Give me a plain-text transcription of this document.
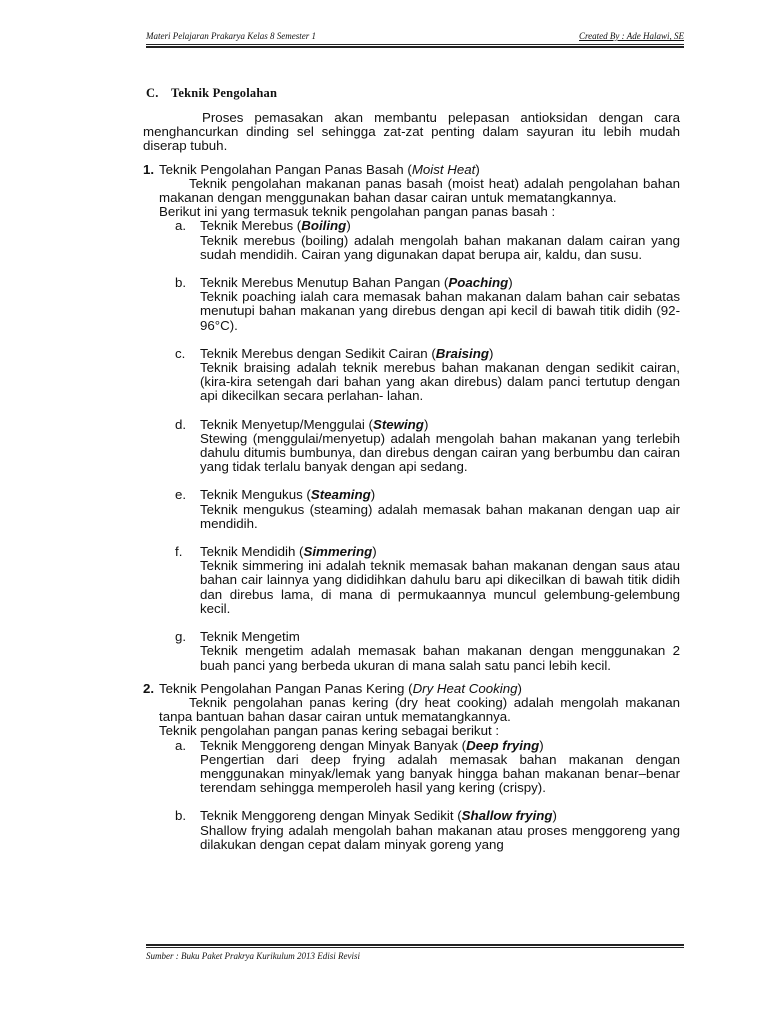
Materi Pelajaran Prakarya Kelas 8 Semester 1	Created By : Ade Halawi, SE
C. Teknik Pengolahan

Proses pemasakan akan membantu pelepasan antioksidan dengan cara menghancurkan dinding sel sehingga zat-zat penting dalam sayuran itu lebih mudah diserap tubuh.

1. Teknik Pengolahan Pangan Panas Basah (Moist Heat)

Teknik pengolahan makanan panas basah (moist heat) adalah pengolahan bahan makanan dengan menggunakan bahan dasar cairan untuk mematangkannya.

Berikut ini yang termasuk teknik pengolahan pangan panas basah :

a. Teknik Merebus (Boiling)

Teknik merebus (boiling) adalah mengolah bahan makanan dalam cairan yang sudah mendidih. Cairan yang digunakan dapat berupa air, kaldu, dan susu.

b. Teknik Merebus Menutup Bahan Pangan (Poaching)

Teknik poaching ialah cara memasak bahan makanan dalam bahan cair sebatas menutupi bahan makanan yang direbus dengan api kecil di bawah titik didih (92-96°C).

c. Teknik Merebus dengan Sedikit Cairan (Braising)

Teknik braising adalah teknik merebus bahan makanan dengan sedikit cairan, (kira-kira setengah dari bahan yang akan direbus) dalam panci tertutup dengan api dikecilkan secara perlahan- lahan.

d. Teknik Menyetup/Menggulai (Stewing)

Stewing (menggulai/menyetup) adalah mengolah bahan makanan yang terlebih dahulu ditumis bumbunya, dan direbus dengan cairan yang berbumbu dan cairan yang tidak terlalu banyak dengan api sedang.

e. Teknik Mengukus (Steaming)

Teknik mengukus (steaming) adalah memasak bahan makanan dengan uap air mendidih.

f. Teknik Mendidih (Simmering)

Teknik simmering ini adalah teknik memasak bahan makanan dengan saus atau bahan cair lainnya yang dididihkan dahulu baru api dikecilkan di bawah titik didih dan direbus lama, di mana di permukaannya muncul gelembung-gelembung kecil.

g. Teknik Mengetim

Teknik mengetim adalah memasak bahan makanan dengan menggunakan 2 buah panci yang berbeda ukuran di mana salah satu panci lebih kecil.

2. Teknik Pengolahan Pangan Panas Kering (Dry Heat Cooking)

Teknik pengolahan panas kering (dry heat cooking) adalah mengolah makanan tanpa bantuan bahan dasar cairan untuk mematangkannya.

Teknik pengolahan pangan panas kering sebagai berikut :

a. Teknik Menggoreng dengan Minyak Banyak (Deep frying)

Pengertian dari deep frying adalah memasak bahan makanan dengan menggunakan minyak/lemak yang banyak hingga bahan makanan benar–benar terendam sehingga memperoleh hasil yang kering (crispy).

b. Teknik Menggoreng dengan Minyak Sedikit (Shallow frying)

Shallow frying adalah mengolah bahan makanan atau proses menggoreng yang dilakukan dengan cepat dalam minyak goreng yang

Sumber : Buku Paket Prakrya Kurikulum 2013 Edisi Revisi
